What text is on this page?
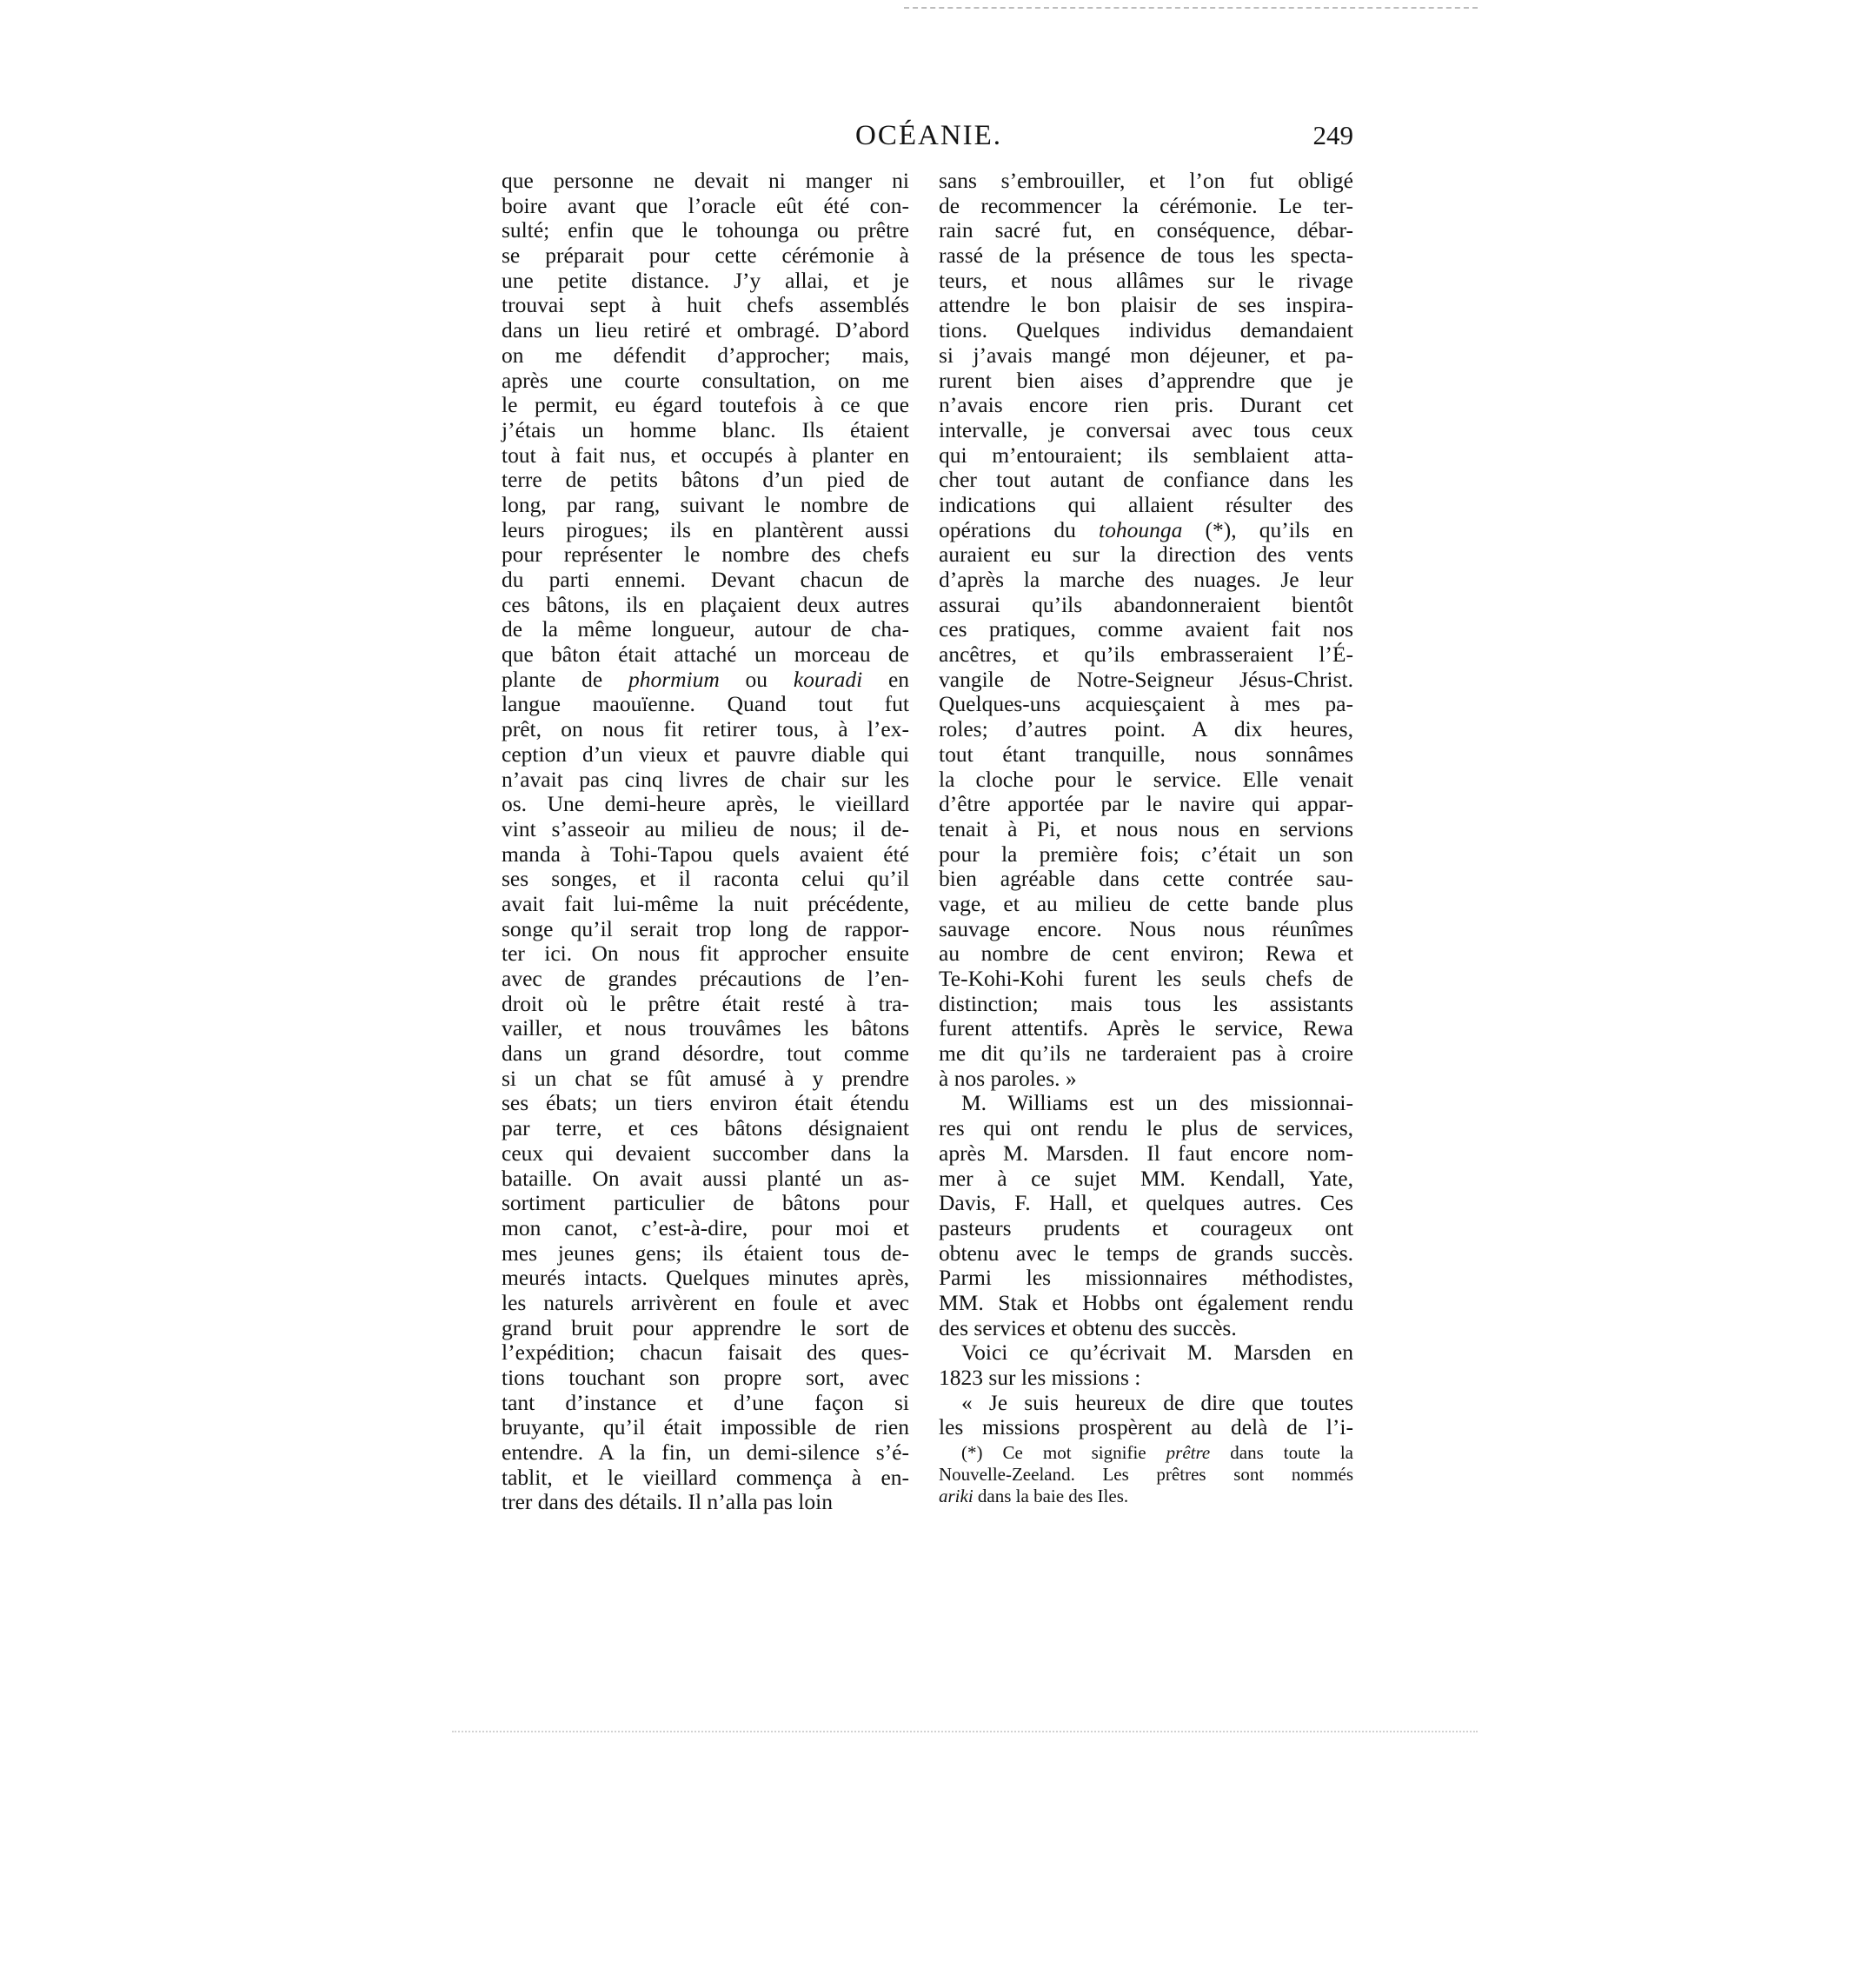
OCÉANIE.	249
que personne ne devait ni manger ni
boire avant que l’oracle eût été con-
sulté; enfin que le tohounga ou prêtre
se préparait pour cette cérémonie à
une petite distance. J’y allai, et je
trouvai sept à huit chefs assemblés
dans un lieu retiré et ombragé. D’abord
on me défendit d’approcher; mais,
après une courte consultation, on me
le permit, eu égard toutefois à ce que
j’étais un homme blanc. Ils étaient
tout à fait nus, et occupés à planter en
terre de petits bâtons d’un pied de
long, par rang, suivant le nombre de
leurs pirogues; ils en plantèrent aussi
pour représenter le nombre des chefs
du parti ennemi. Devant chacun de
ces bâtons, ils en plaçaient deux autres
de la même longueur, autour de cha-
que bâton était attaché un morceau de
plante de phormium ou kouradi en
langue maouïenne. Quand tout fut
prêt, on nous fit retirer tous, à l’ex-
ception d’un vieux et pauvre diable qui
n’avait pas cinq livres de chair sur les
os. Une demi-heure après, le vieillard
vint s’asseoir au milieu de nous; il de-
manda à Tohi-Tapou quels avaient été
ses songes, et il raconta celui qu’il
avait fait lui-même la nuit précédente,
songe qu’il serait trop long de rappor-
ter ici. On nous fit approcher ensuite
avec de grandes précautions de l’en-
droit où le prêtre était resté à tra-
vailler, et nous trouvâmes les bâtons
dans un grand désordre, tout comme
si un chat se fût amusé à y prendre
ses ébats; un tiers environ était étendu
par terre, et ces bâtons désignaient
ceux qui devaient succomber dans la
bataille. On avait aussi planté un as-
sortiment particulier de bâtons pour
mon canot, c’est-à-dire, pour moi et
mes jeunes gens; ils étaient tous de-
meurés intacts. Quelques minutes après,
les naturels arrivèrent en foule et avec
grand bruit pour apprendre le sort de
l’expédition; chacun faisait des ques-
tions touchant son propre sort, avec
tant d’instance et d’une façon si
bruyante, qu’il était impossible de rien
entendre. A la fin, un demi-silence s’é-
tablit, et le vieillard commença à en-
trer dans des détails. Il n’alla pas loin
sans s’embrouiller, et l’on fut obligé
de recommencer la cérémonie. Le ter-
rain sacré fut, en conséquence, débar-
rassé de la présence de tous les specta-
teurs, et nous allâmes sur le rivage
attendre le bon plaisir de ses inspira-
tions. Quelques individus demandaient
si j’avais mangé mon déjeuner, et pa-
rurent bien aises d’apprendre que je
n’avais encore rien pris. Durant cet
intervalle, je conversai avec tous ceux
qui m’entouraient; ils semblaient atta-
cher tout autant de confiance dans les
indications qui allaient résulter des
opérations du tohounga (*), qu’ils en
auraient eu sur la direction des vents
d’après la marche des nuages. Je leur
assurai qu’ils abandonneraient bientôt
ces pratiques, comme avaient fait nos
ancêtres, et qu’ils embrasseraient l’É-
vangile de Notre-Seigneur Jésus-Christ.
Quelques-uns acquiesçaient à mes pa-
roles; d’autres point. A dix heures,
tout étant tranquille, nous sonnâmes
la cloche pour le service. Elle venait
d’être apportée par le navire qui appar-
tenait à Pi, et nous nous en servions
pour la première fois; c’était un son
bien agréable dans cette contrée sau-
vage, et au milieu de cette bande plus
sauvage encore. Nous nous réunîmes
au nombre de cent environ; Rewa et
Te-Kohi-Kohi furent les seuls chefs de
distinction; mais tous les assistants
furent attentifs. Après le service, Rewa
me dit qu’ils ne tarderaient pas à croire
à nos paroles. »
M. Williams est un des missionnai-
res qui ont rendu le plus de services,
après M. Marsden. Il faut encore nom-
mer à ce sujet MM. Kendall, Yate,
Davis, F. Hall, et quelques autres. Ces
pasteurs prudents et courageux ont
obtenu avec le temps de grands succès.
Parmi les missionnaires méthodistes,
MM. Stak et Hobbs ont également rendu
des services et obtenu des succès.
Voici ce qu’écrivait M. Marsden en
1823 sur les missions :
« Je suis heureux de dire que toutes
les missions prospèrent au delà de l’i-
(*) Ce mot signifie prêtre dans toute la
Nouvelle-Zeeland. Les prêtres sont nommés
ariki dans la baie des Iles.
